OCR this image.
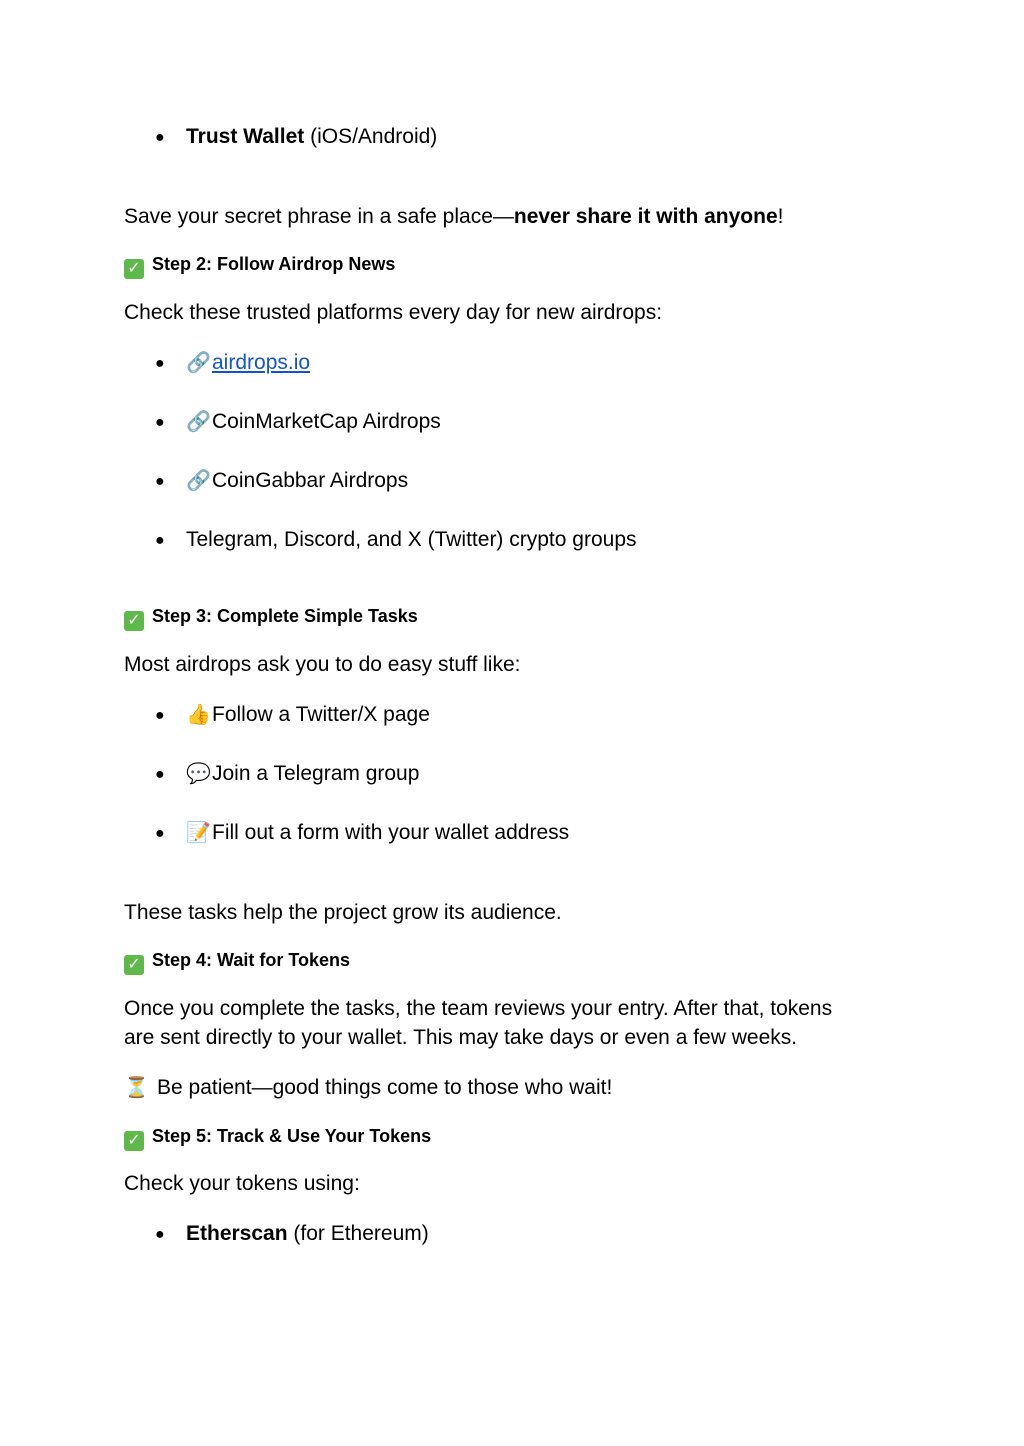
● Trust Wallet (iOS/Android)
Save your secret phrase in a safe place—never share it with anyone!
✓ Step 2: Follow Airdrop News
Check these trusted platforms every day for new airdrops:
● 🔗airdrops.io
● 🔗CoinMarketCap Airdrops
● 🔗CoinGabbar Airdrops
● Telegram, Discord, and X (Twitter) crypto groups
✓ Step 3: Complete Simple Tasks
Most airdrops ask you to do easy stuff like:
● 👍Follow a Twitter/X page
● 💬Join a Telegram group
● 📝Fill out a form with your wallet address
These tasks help the project grow its audience.
✓ Step 4: Wait for Tokens
Once you complete the tasks, the team reviews your entry. After that, tokens
are sent directly to your wallet. This may take days or even a few weeks.
⏳ Be patient—good things come to those who wait!
✓ Step 5: Track & Use Your Tokens
Check your tokens using:
● Etherscan (for Ethereum)
